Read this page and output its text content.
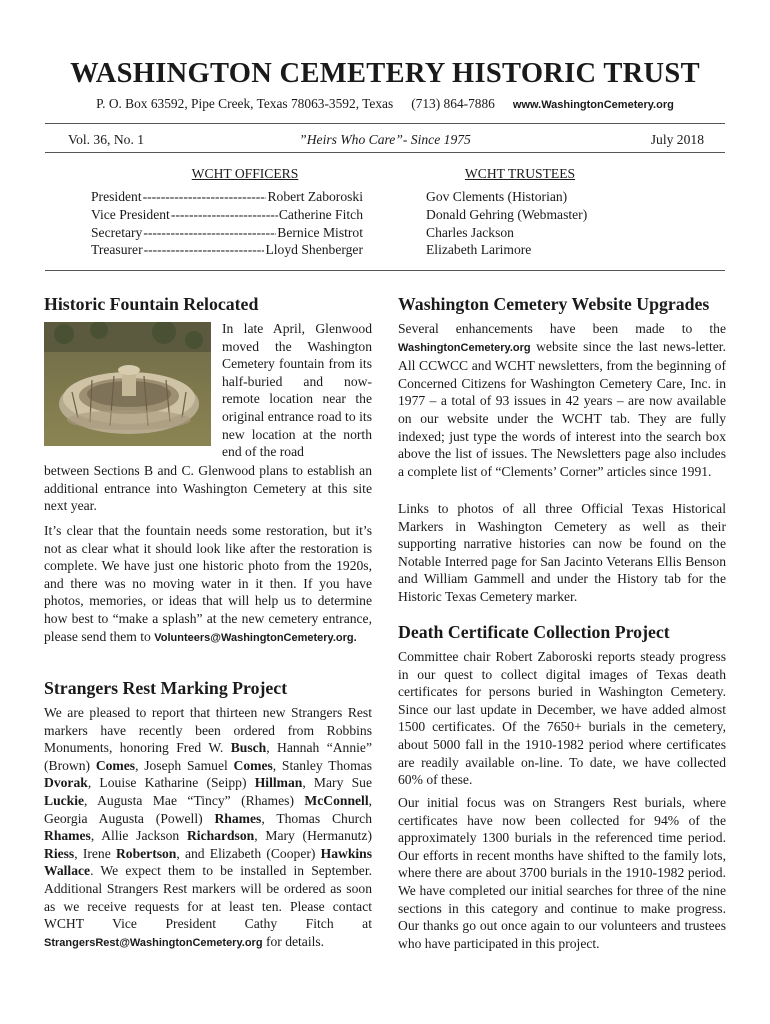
WASHINGTON CEMETERY HISTORIC TRUST
P. O. Box 63592, Pipe Creek, Texas 78063-3592, Texas (713) 864-7886 www.WashingtonCemetery.org
Vol. 36, No. 1	”Heirs Who Care”- Since 1975	July 2018
WCHT OFFICERS	WCHT TRUSTEES
President -----	Robert Zaboroski
Vice President -----	Catherine Fitch
Secretary -----	Bernice Mistrot
Treasurer -----	Lloyd Shenberger
Gov Clements (Historian)
Donald Gehring (Webmaster)
Charles Jackson
Elizabeth Larimore
Historic Fountain Relocated
In late April, Glenwood moved the Washington Cemetery fountain from its half-buried and now-remote location near the original entrance road to its new location at the north end of the road
between Sections B and C. Glenwood plans to establish an additional entrance into Washington Cemetery at this site next year.

It’s clear that the fountain needs some restoration, but it’s not as clear what it should look like after the restoration is complete. We have just one historic photo from the 1920s, and there was no moving water in it then. If you have photos, memories, or ideas that will help us to determine how best to “make a splash” at the new cemetery entrance, please send them to Volunteers@WashingtonCemetery.org.

Strangers Rest Marking Project

We are pleased to report that thirteen new Strangers Rest markers have recently been ordered from Robbins Monuments, honoring Fred W. Busch, Hannah “Annie” (Brown) Comes, Joseph Samuel Comes, Stanley Thomas Dvorak, Louise Katharine (Seipp) Hillman, Mary Sue Luckie, Augusta Mae “Tincy” (Rhames) McConnell, Georgia Augusta (Powell) Rhames, Thomas Church Rhames, Allie Jackson Richardson, Mary (Hermanutz) Riess, Irene Robertson, and Elizabeth (Cooper) Hawkins Wallace. We expect them to be installed in September. Additional Strangers Rest markers will be ordered as soon as we receive requests for at least ten. Please contact WCHT Vice President Cathy Fitch at StrangersRest@WashingtonCemetery.org for details.

Washington Cemetery Website Upgrades

Several enhancements have been made to the WashingtonCemetery.org website since the last news-letter. All CCWCC and WCHT newsletters, from the beginning of Concerned Citizens for Washington Cemetery Care, Inc. in 1977 – a total of 93 issues in 42 years – are now available on our website under the WCHT tab. They are fully indexed; just type the words of interest into the search box above the list of issues. The Newsletters page also includes a complete list of “Clements’ Corner” articles since 1991.

Links to photos of all three Official Texas Historical Markers in Washington Cemetery as well as their supporting narrative histories can now be found on the Notable Interred page for San Jacinto Veterans Ellis Benson and William Gammell and under the History tab for the Historic Texas Cemetery marker.
Death Certificate Collection Project
Committee chair Robert Zaboroski reports steady progress in our quest to collect digital images of Texas death certificates for persons buried in Washington Cemetery. Since our last update in December, we have added almost 1500 certificates. Of the 7650+ burials in the cemetery, about 5000 fall in the 1910-1982 period where certificates are readily available on-line. To date, we have collected 60% of these.
Our initial focus was on Strangers Rest burials, where certificates have now been collected for 94% of the approximately 1300 burials in the referenced time period. Our efforts in recent months have shifted to the family lots, where there are about 3700 burials in the 1910-1982 period. We have completed our initial searches for three of the nine sections in this category and continue to make progress. Our thanks go out once again to our volunteers and trustees who have participated in this project.
